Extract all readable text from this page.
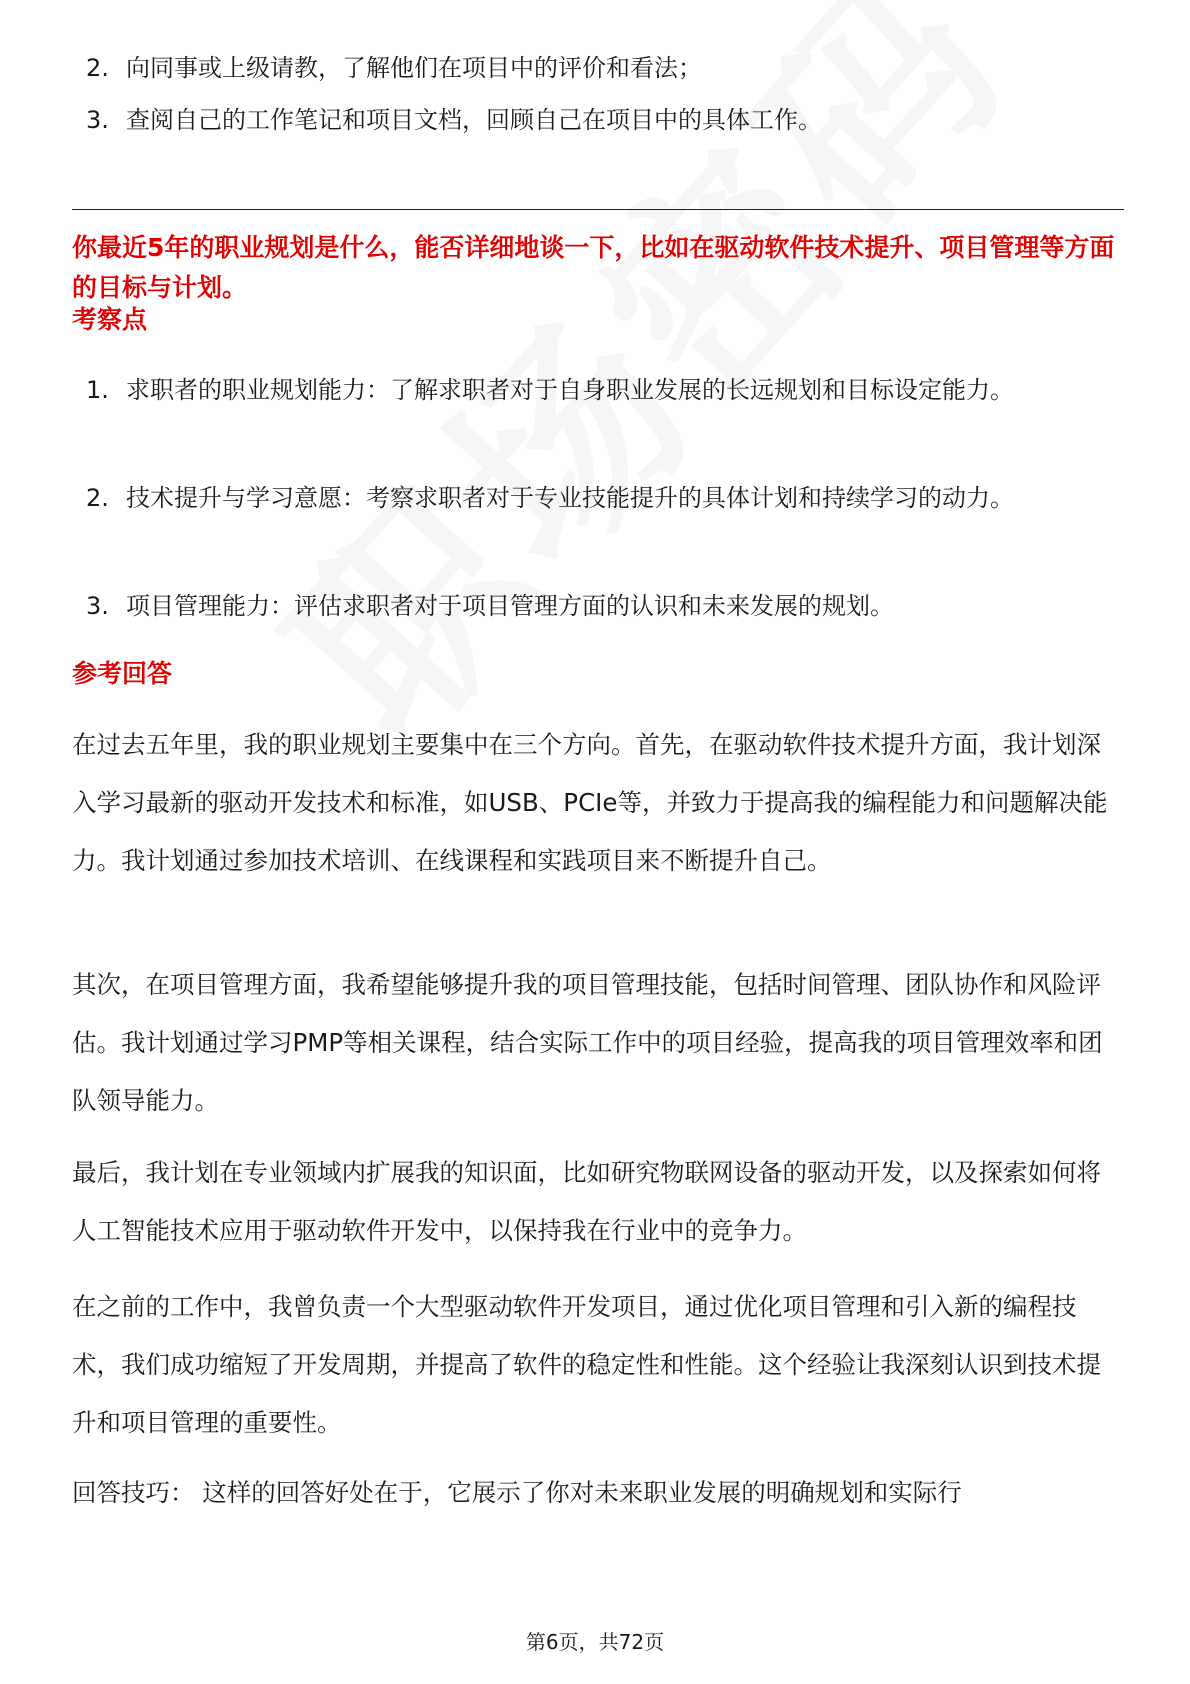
2. 向同事或上级请教，了解他们在项目中的评价和看法；
3. 查阅自己的工作笔记和项目文档，回顾自己在项目中的具体工作。
你最近5年的职业规划是什么，能否详细地谈一下，比如在驱动软件技术提升、项目管理等方面的目标与计划。
考察点
1. 求职者的职业规划能力：了解求职者对于自身职业发展的长远规划和目标设定能力。
2. 技术提升与学习意愿：考察求职者对于专业技能提升的具体计划和持续学习的动力。
3. 项目管理能力：评估求职者对于项目管理方面的认识和未来发展的规划。
参考回答
在过去五年里，我的职业规划主要集中在三个方向。首先，在驱动软件技术提升方面，我计划深入学习最新的驱动开发技术和标准，如USB、PCIe等，并致力于提高我的编程能力和问题解决能力。我计划通过参加技术培训、在线课程和实践项目来不断提升自己。
其次，在项目管理方面，我希望能够提升我的项目管理技能，包括时间管理、团队协作和风险评估。我计划通过学习PMP等相关课程，结合实际工作中的项目经验，提高我的项目管理效率和团队领导能力。
最后，我计划在专业领域内扩展我的知识面，比如研究物联网设备的驱动开发，以及探索如何将人工智能技术应用于驱动软件开发中，以保持我在行业中的竞争力。
在之前的工作中，我曾负责一个大型驱动软件开发项目，通过优化项目管理和引入新的编程技术，我们成功缩短了开发周期，并提高了软件的稳定性和性能。这个经验让我深刻认识到技术提升和项目管理的重要性。
回答技巧： 这样的回答好处在于，它展示了你对未来职业发展的明确规划和实际行
第6页，共72页
